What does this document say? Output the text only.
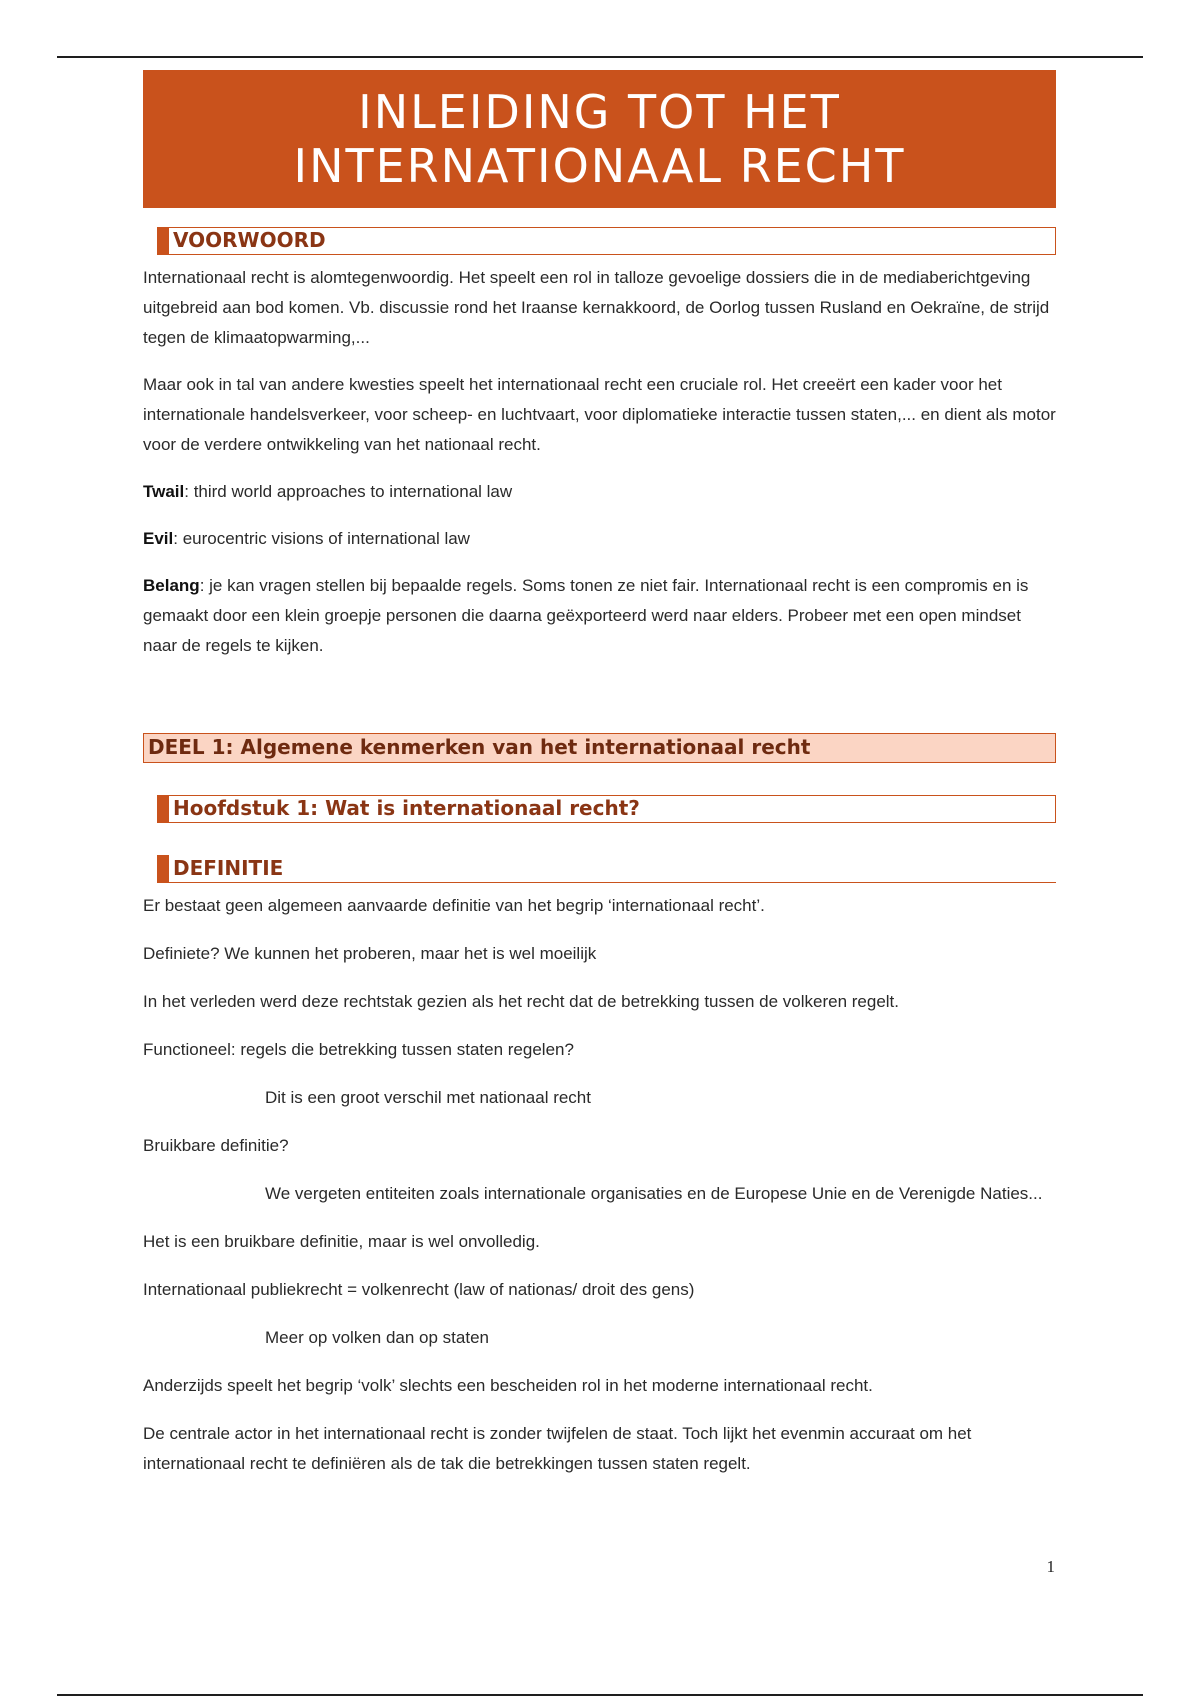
INLEIDING TOT HET
INTERNATIONAAL RECHT
VOORWOORD

Internationaal recht is alomtegenwoordig. Het speelt een rol in talloze gevoelige dossiers die in de mediaberichtgeving uitgebreid aan bod komen. Vb. discussie rond het Iraanse kernakkoord, de Oorlog tussen Rusland en Oekraïne, de strijd tegen de klimaatopwarming,...

Maar ook in tal van andere kwesties speelt het internationaal recht een cruciale rol. Het creeërt een kader voor het internationale handelsverkeer, voor scheep- en luchtvaart, voor diplomatieke interactie tussen staten,... en dient als motor voor de verdere ontwikkeling van het nationaal recht.

Twail: third world approaches to international law

Evil: eurocentric visions of international law

Belang: je kan vragen stellen bij bepaalde regels. Soms tonen ze niet fair. Internationaal recht is een compromis en is gemaakt door een klein groepje personen die daarna geëxporteerd werd naar elders. Probeer met een open mindset naar de regels te kijken.

DEEL 1: Algemene kenmerken van het internationaal recht
Hoofdstuk 1: Wat is internationaal recht?
DEFINITIE

Er bestaat geen algemeen aanvaarde definitie van het begrip ‘internationaal recht’.

Definiete? We kunnen het proberen, maar het is wel moeilijk

In het verleden werd deze rechtstak gezien als het recht dat de betrekking tussen de volkeren regelt.

Functioneel: regels die betrekking tussen staten regelen?

Dit is een groot verschil met nationaal recht

Bruikbare definitie?

We vergeten entiteiten zoals internationale organisaties en de Europese Unie en de Verenigde Naties...

Het is een bruikbare definitie, maar is wel onvolledig.

Internationaal publiekrecht = volkenrecht (law of nationas/ droit des gens)

Meer op volken dan op staten

Anderzijds speelt het begrip ‘volk’ slechts een bescheiden rol in het moderne internationaal recht.

De centrale actor in het internationaal recht is zonder twijfelen de staat. Toch lijkt het evenmin accuraat om het internationaal recht te definiëren als de tak die betrekkingen tussen staten regelt.

1
